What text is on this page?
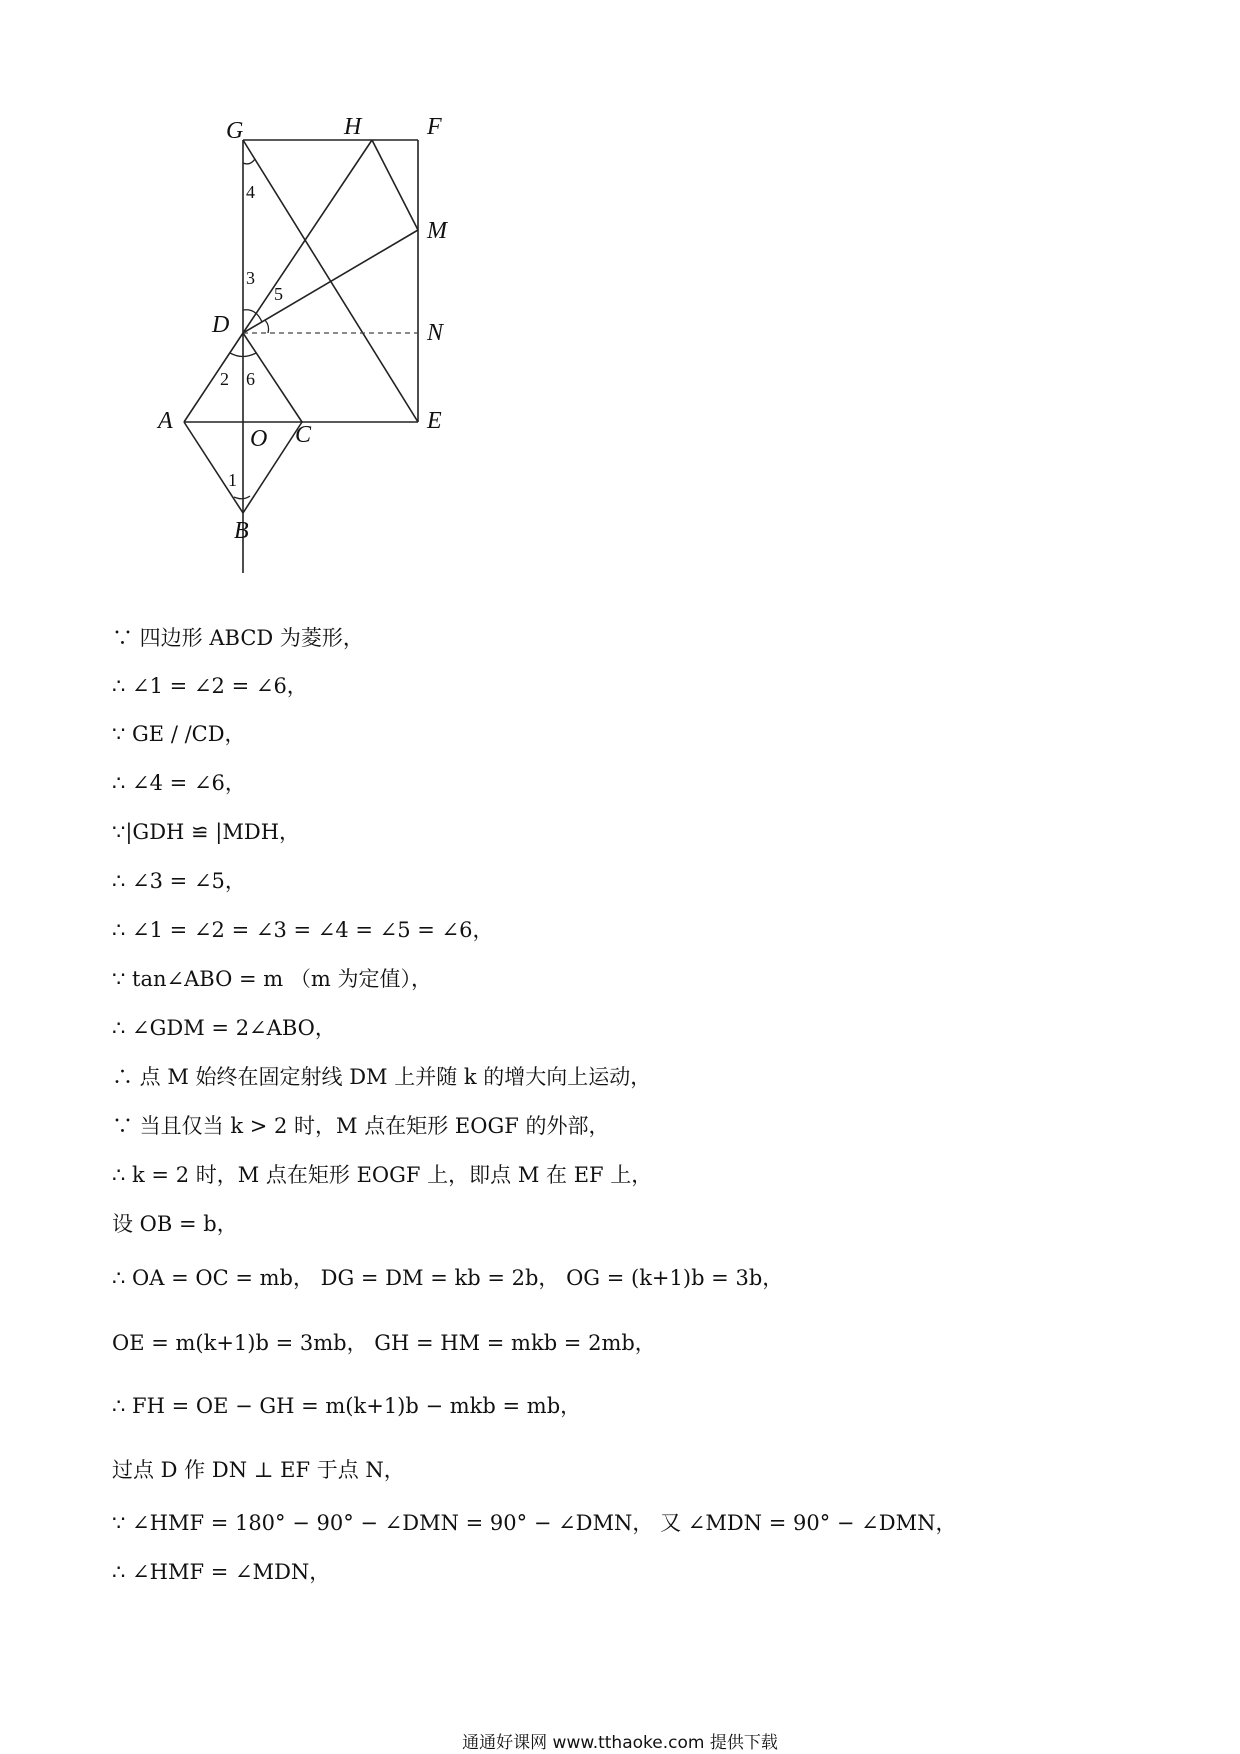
G	H	F
M
D	N
A
O C
E
B
4
3
5
2 6
1
∵ 四边形 ABCD 为菱形，
∴ ∠1 = ∠2 = ∠6，
∵ GE / /CD，
∴ ∠4 = ∠6，
∵|GDH ≌ |MDH，
∴ ∠3 = ∠5，
∴ ∠1 = ∠2 = ∠3 = ∠4 = ∠5 = ∠6，
∵ tan∠ABO = m （m 为定值），
∴ ∠GDM = 2∠ABO，
∴ 点 M 始终在固定射线 DM 上并随 k 的增大向上运动，
∵ 当且仅当 k > 2 时，M 点在矩形 EOGF 的外部，
∴ k = 2 时，M 点在矩形 EOGF 上，即点 M 在 EF 上，
设 OB = b，
∴ OA = OC = mb， DG = DM = kb = 2b， OG = (k+1)b = 3b，
OE = m(k+1)b = 3mb， GH = HM = mkb = 2mb，
∴ FH = OE − GH = m(k+1)b − mkb = mb，
过点 D 作 DN ⊥ EF 于点 N，
∵ ∠HMF = 180° − 90° − ∠DMN = 90° − ∠DMN， 又 ∠MDN = 90° − ∠DMN，
∴ ∠HMF = ∠MDN，
通通好课网 www.tthaoke.com 提供下载
